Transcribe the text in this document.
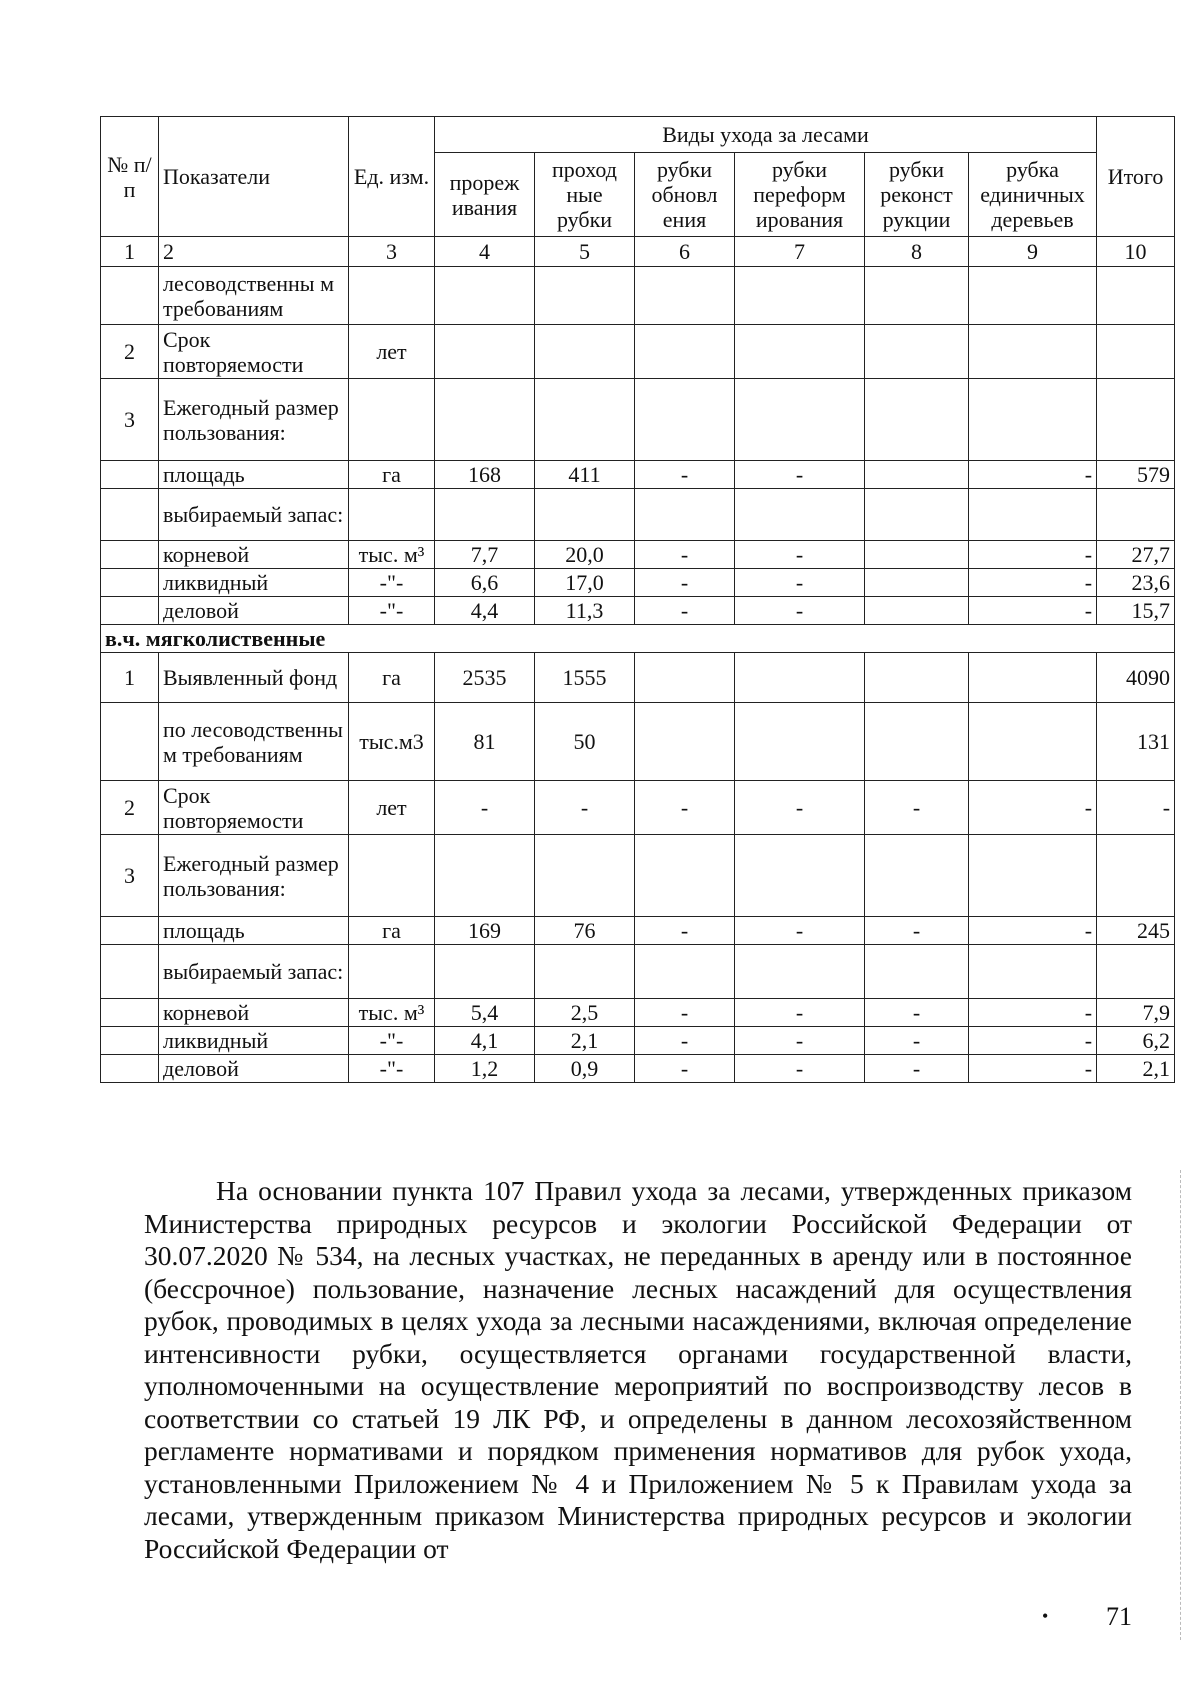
№ п/п	Показатели	Ед. изм.	Виды ухода за лесами						Итого
			прореж ивания	проход ные рубки	рубки обновл ения	рубки переформ ирования	рубки реконст рукции	рубка единичных деревьев	
1	2	3	4	5	6	7	8	9	10
	лесоводственны м требованиям								
2	Срок повторяемости	лет							
3	Ежегодный размер пользования:								
	площадь	га	168	411	-	-		-	579
	выбираемый запас:								
	корневой	тыс. м³	7,7	20,0	-	-		-	27,7
	ликвидный	-"-	6,6	17,0	-	-		-	23,6
	деловой	-"-	4,4	11,3	-	-		-	15,7
в.ч. мягколиственные									
1	Выявленный фонд	га	2535	1555					4090
	по лесоводственны м требованиям	тыс.м3	81	50					131
2	Срок повторяемости	лет	-	-	-	-	-	-	-
3	Ежегодный размер пользования:								
	площадь	га	169	76	-	-	-	-	245
	выбираемый запас:								
	корневой	тыс. м³	5,4	2,5	-	-	-	-	7,9
	ликвидный	-"-	4,1	2,1	-	-	-	-	6,2
	деловой	-"-	1,2	0,9	-	-	-	-	2,1

На основании пункта 107 Правил ухода за лесами, утвержденных приказом Министерства природных ресурсов и экологии Российской Федерации от 30.07.2020 № 534, на лесных участках, не переданных в аренду или в постоянное (бессрочное) пользование, назначение лесных насаждений для осуществления рубок, проводимых в целях ухода за лесными насаждениями, включая определение интенсивности рубки, осуществляется органами государственной власти, уполномоченными на осуществление мероприятий по воспроизводству лесов в соответствии со статьей 19 ЛК РФ, и определены в данном лесохозяйственном регламенте нормативами и порядком применения нормативов для рубок ухода, установленными Приложением № 4 и Приложением № 5 к Правилам ухода за лесами, утвержденным приказом Министерства природных ресурсов и экологии Российской Федерации от

• 71
